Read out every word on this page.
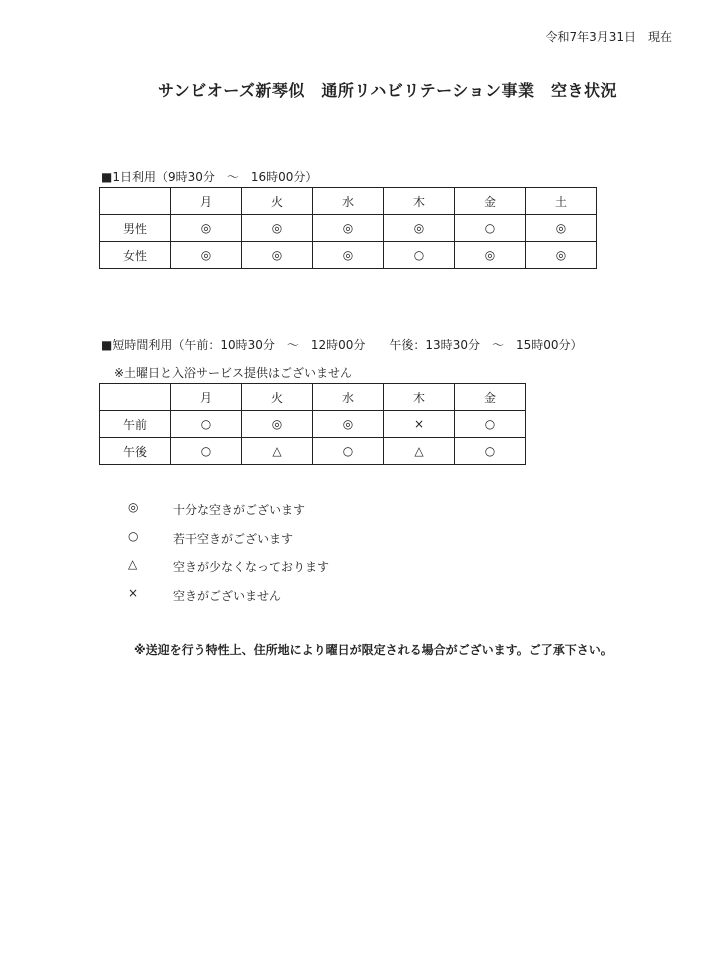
令和7年3月31日　現在
サンビオーズ新琴似　通所リハビリテーション事業　空き状況
■1日利用（9時30分　～　16時00分）
	月	火	水	木	金	土
男性	◎	◎	◎	◎	○	◎
女性	◎	◎	◎	○	◎	◎
■短時間利用（午前：10時30分　～　12時00分　　午後：13時30分　～　15時00分）
※土曜日と入浴サービス提供はございません
	月	火	水	木	金
午前	○	◎	◎	×	○
午後	○	△	○	△	○
◎	十分な空きがございます
○	若干空きがございます
△	空きが少なくなっております
×	空きがございません
※送迎を行う特性上、住所地により曜日が限定される場合がございます。ご了承下さい。
